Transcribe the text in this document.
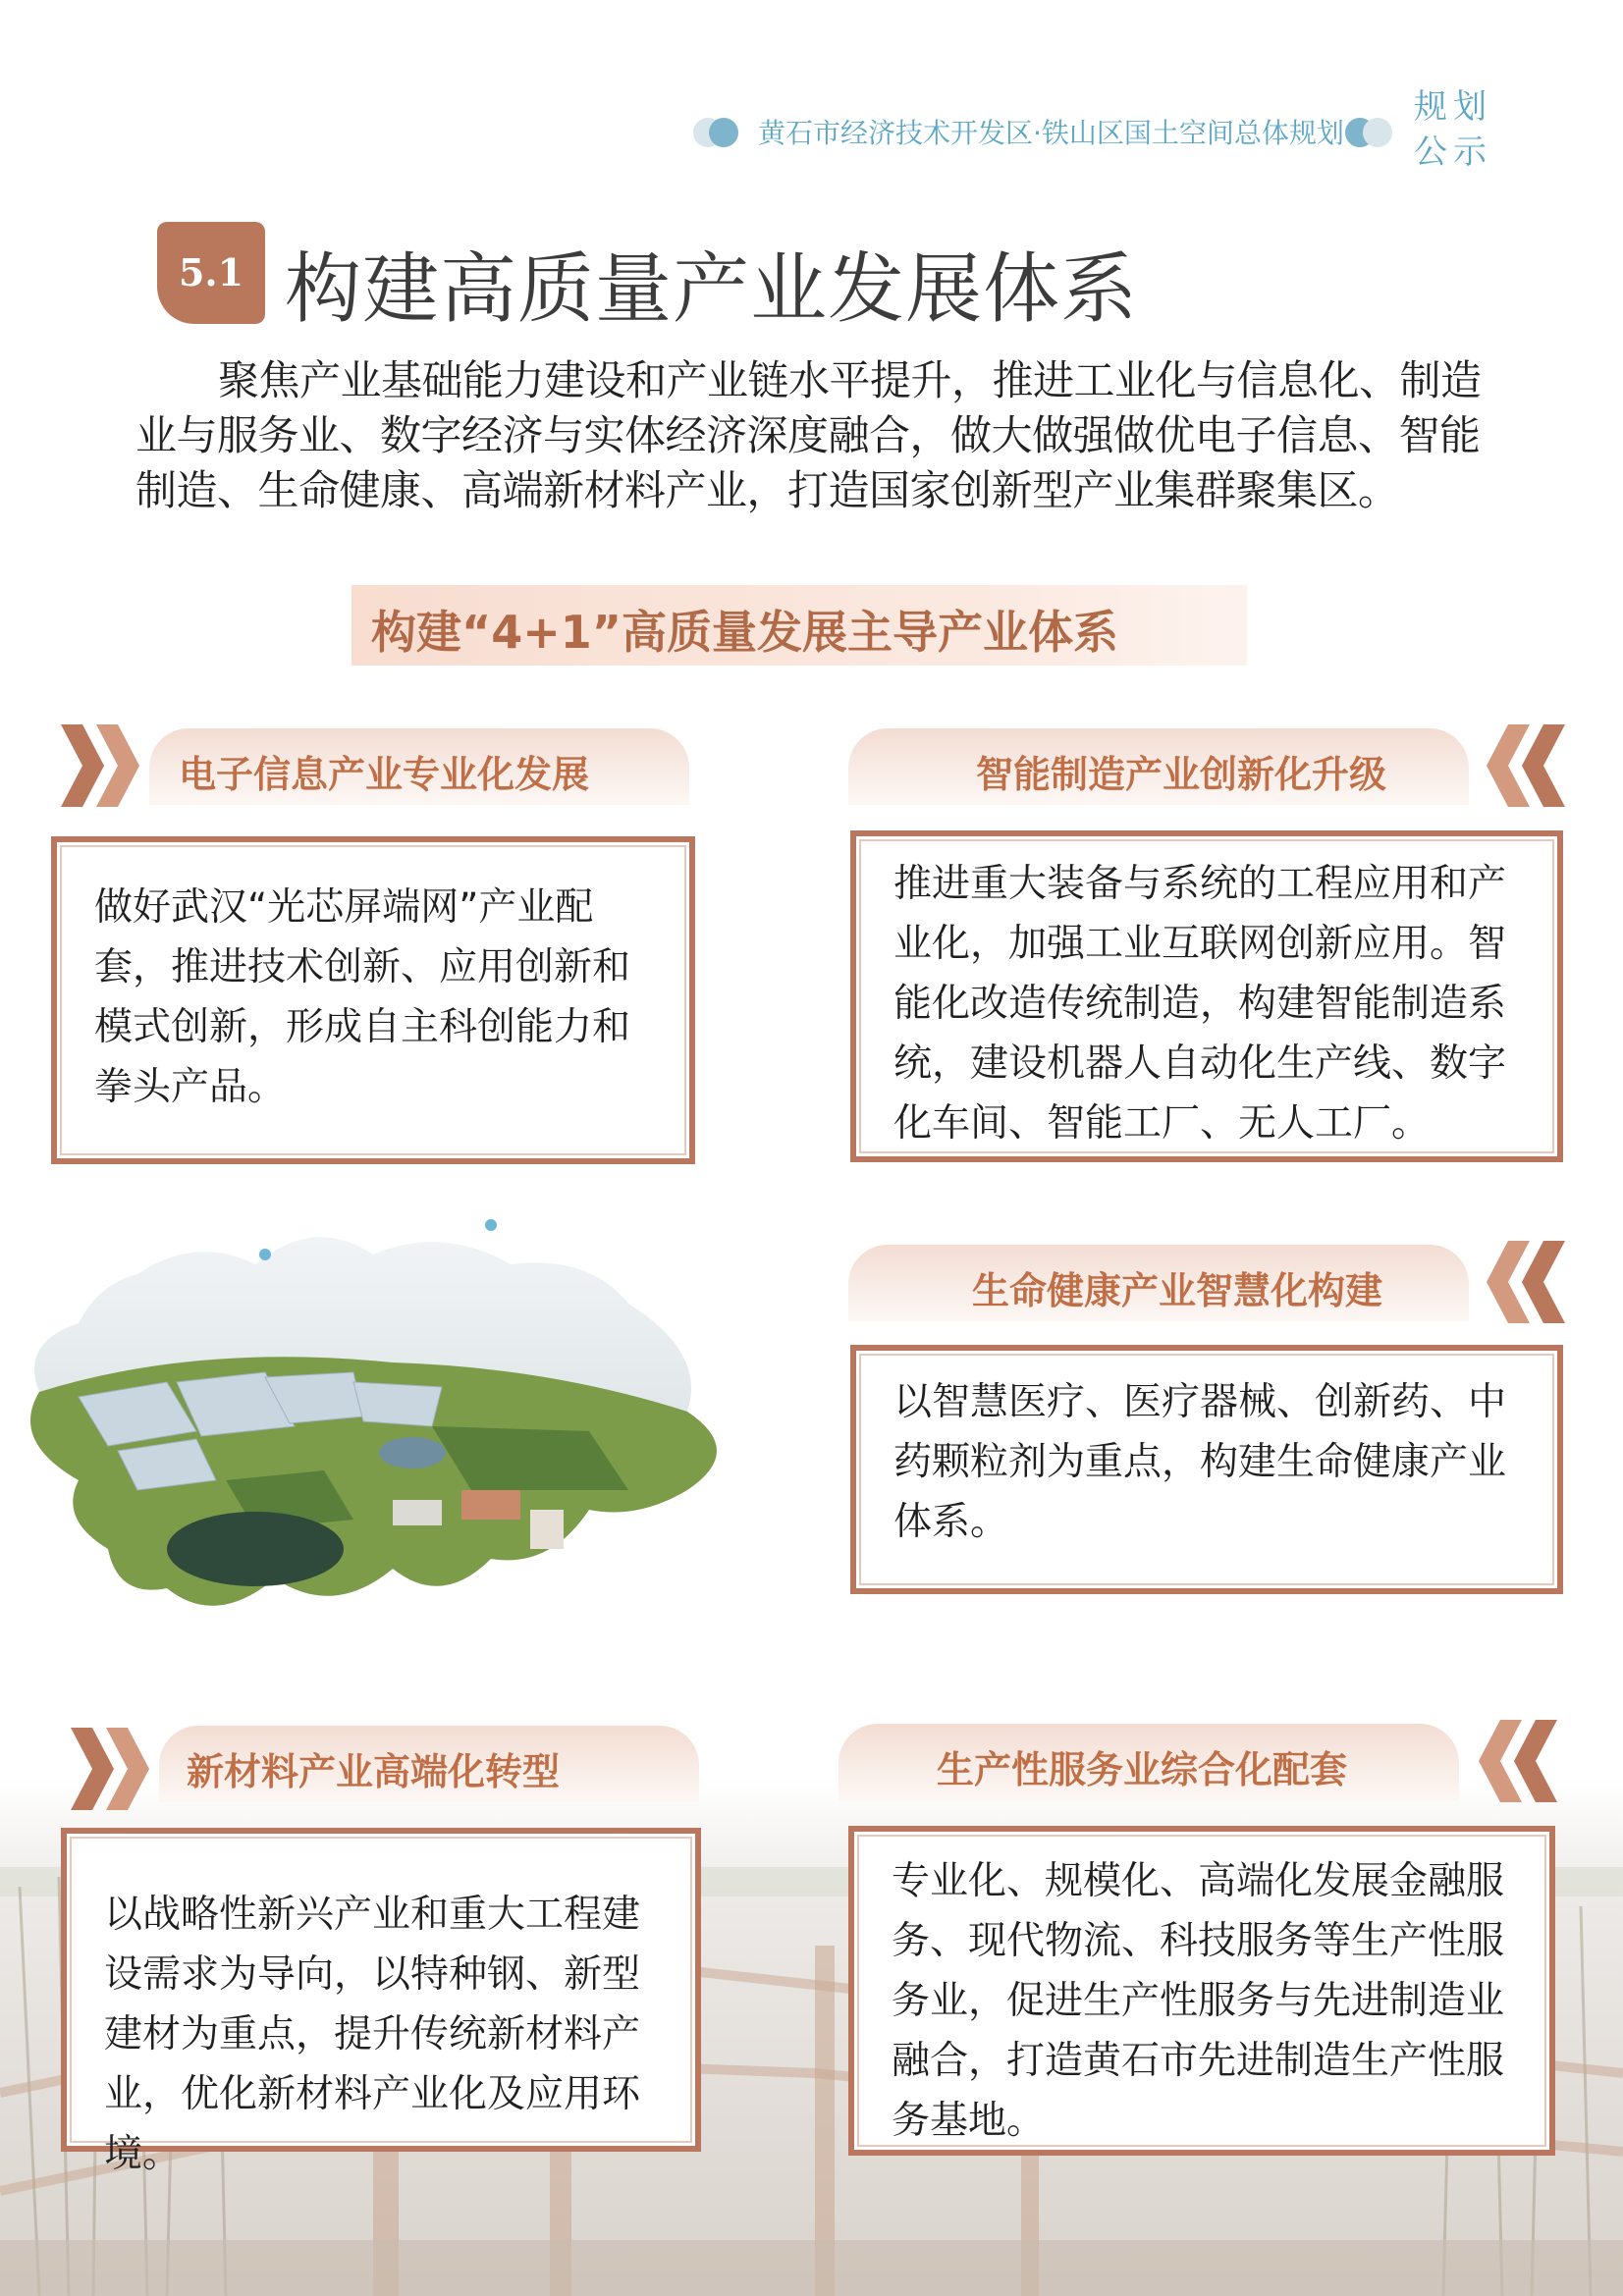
黄石市经济技术开发区·铁山区国土空间总体规划
规划
公示
5.1 构建高质量产业发展体系

聚焦产业基础能力建设和产业链水平提升，推进工业化与信息化、制造业与服务业、数字经济与实体经济深度融合，做大做强做优电子信息、智能制造、生命健康、高端新材料产业，打造国家创新型产业集群聚集区。

构建“4+1”高质量发展主导产业体系
电子信息产业专业化发展
做好武汉“光芯屏端网”产业配套，推进技术创新、应用创新和模式创新，形成自主科创能力和拳头产品。
智能制造产业创新化升级
推进重大装备与系统的工程应用和产业化，加强工业互联网创新应用。智能化改造传统制造，构建智能制造系统，建设机器人自动化生产线、数字化车间、智能工厂、无人工厂。
生命健康产业智慧化构建
以智慧医疗、医疗器械、创新药、中药颗粒剂为重点，构建生命健康产业体系。
新材料产业高端化转型
以战略性新兴产业和重大工程建设需求为导向，以特种钢、新型建材为重点，提升传统新材料产业，优化新材料产业化及应用环境。
生产性服务业综合化配套
专业化、规模化、高端化发展金融服务、现代物流、科技服务等生产性服务业，促进生产性服务与先进制造业融合，打造黄石市先进制造生产性服务基地。
